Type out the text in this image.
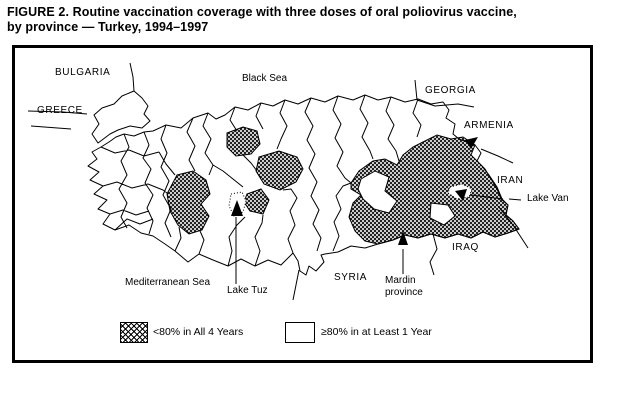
FIGURE 2. Routine vaccination coverage with three doses of oral poliovirus vaccine,
by province — Turkey, 1994–1997
BULGARIA
GREECE
Black Sea
GEORGIA
ARMENIA
IRAN
Lake Van
IRAQ
Mediterranean Sea
Lake Tuz
SYRIA Mardin
province
<80% in All 4 Years	≥80% in at Least 1 Year
